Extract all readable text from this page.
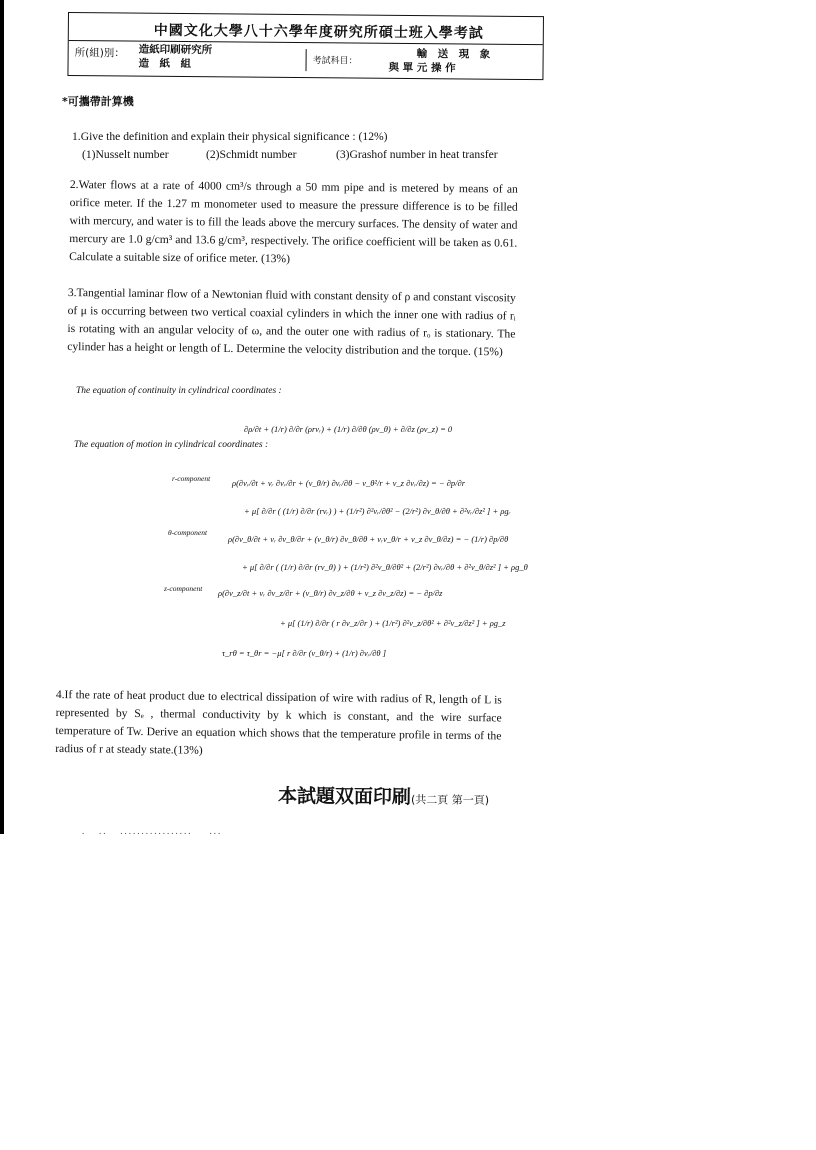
中國文化大學八十六學年度研究所碩士班入學考試
所(組)別： 造紙印刷研究所
造　紙　組	考試科目：
輸　送　現　象
與 單 元 操 作
*可攜帶計算機
1.Give the definition and explain their physical significance : (12%)
(1)Nusselt number	(2)Schmidt number	(3)Grashof number in heat transfer
2.Water flows at a rate of 4000 cm³/s through a 50 mm pipe and is metered by means of an orifice meter. If the 1.27 m monometer used to measure the pressure difference is to be filled with mercury, and water is to fill the leads above the mercury surfaces. The density of water and mercury are 1.0 g/cm³ and 13.6 g/cm³, respectively. The orifice coefficient will be taken as 0.61. Calculate a suitable size of orifice meter. (13%)
3.Tangential laminar flow of a Newtonian fluid with constant density of ρ and constant viscosity of μ is occurring between two vertical coaxial cylinders in which the inner one with radius of rᵢ is rotating with an angular velocity of ω, and the outer one with radius of rₒ is stationary. The cylinder has a height or length of L. Determine the velocity distribution and the torque. (15%)
The equation of continuity in cylindrical coordinates :
∂ρ/∂t + (1/r) ∂/∂r (ρrvᵣ) + (1/r) ∂/∂θ (ρv_θ) + ∂/∂z (ρv_z) = 0
The equation of motion in cylindrical coordinates :
r-component	ρ(∂vᵣ/∂t + vᵣ ∂vᵣ/∂r + (v_θ/r) ∂vᵣ/∂θ − v_θ²/r + v_z ∂vᵣ/∂z) = − ∂p/∂r
+ μ[ ∂/∂r ( (1/r) ∂/∂r (rvᵣ) ) + (1/r²) ∂²vᵣ/∂θ² − (2/r²) ∂v_θ/∂θ + ∂²vᵣ/∂z² ] + ρgᵣ
θ-component
ρ(∂v_θ/∂t + vᵣ ∂v_θ/∂r + (v_θ/r) ∂v_θ/∂θ + vᵣv_θ/r + v_z ∂v_θ/∂z) = − (1/r) ∂p/∂θ
+ μ[ ∂/∂r ( (1/r) ∂/∂r (rv_θ) ) + (1/r²) ∂²v_θ/∂θ² + (2/r²) ∂vᵣ/∂θ + ∂²v_θ/∂z² ] + ρg_θ
z-component ρ(∂v_z/∂t + vᵣ ∂v_z/∂r + (v_θ/r) ∂v_z/∂θ + v_z ∂v_z/∂z) = − ∂p/∂z
+ μ[ (1/r) ∂/∂r ( r ∂v_z/∂r ) + (1/r²) ∂²v_z/∂θ² + ∂²v_z/∂z² ] + ρg_z
τ_rθ = τ_θr = −μ[ r ∂/∂r (v_θ/r) + (1/r) ∂vᵣ/∂θ ]
4.If the rate of heat product due to electrical dissipation of wire with radius of R, length of L is represented by Sₑ , thermal conductivity by k which is constant, and the wire surface temperature of Tw. Derive an equation which shows that the temperature profile in terms of the radius of r at steady state.(13%)
本試題双面印刷(共二頁 第一頁)
.   ..   .................    ...
